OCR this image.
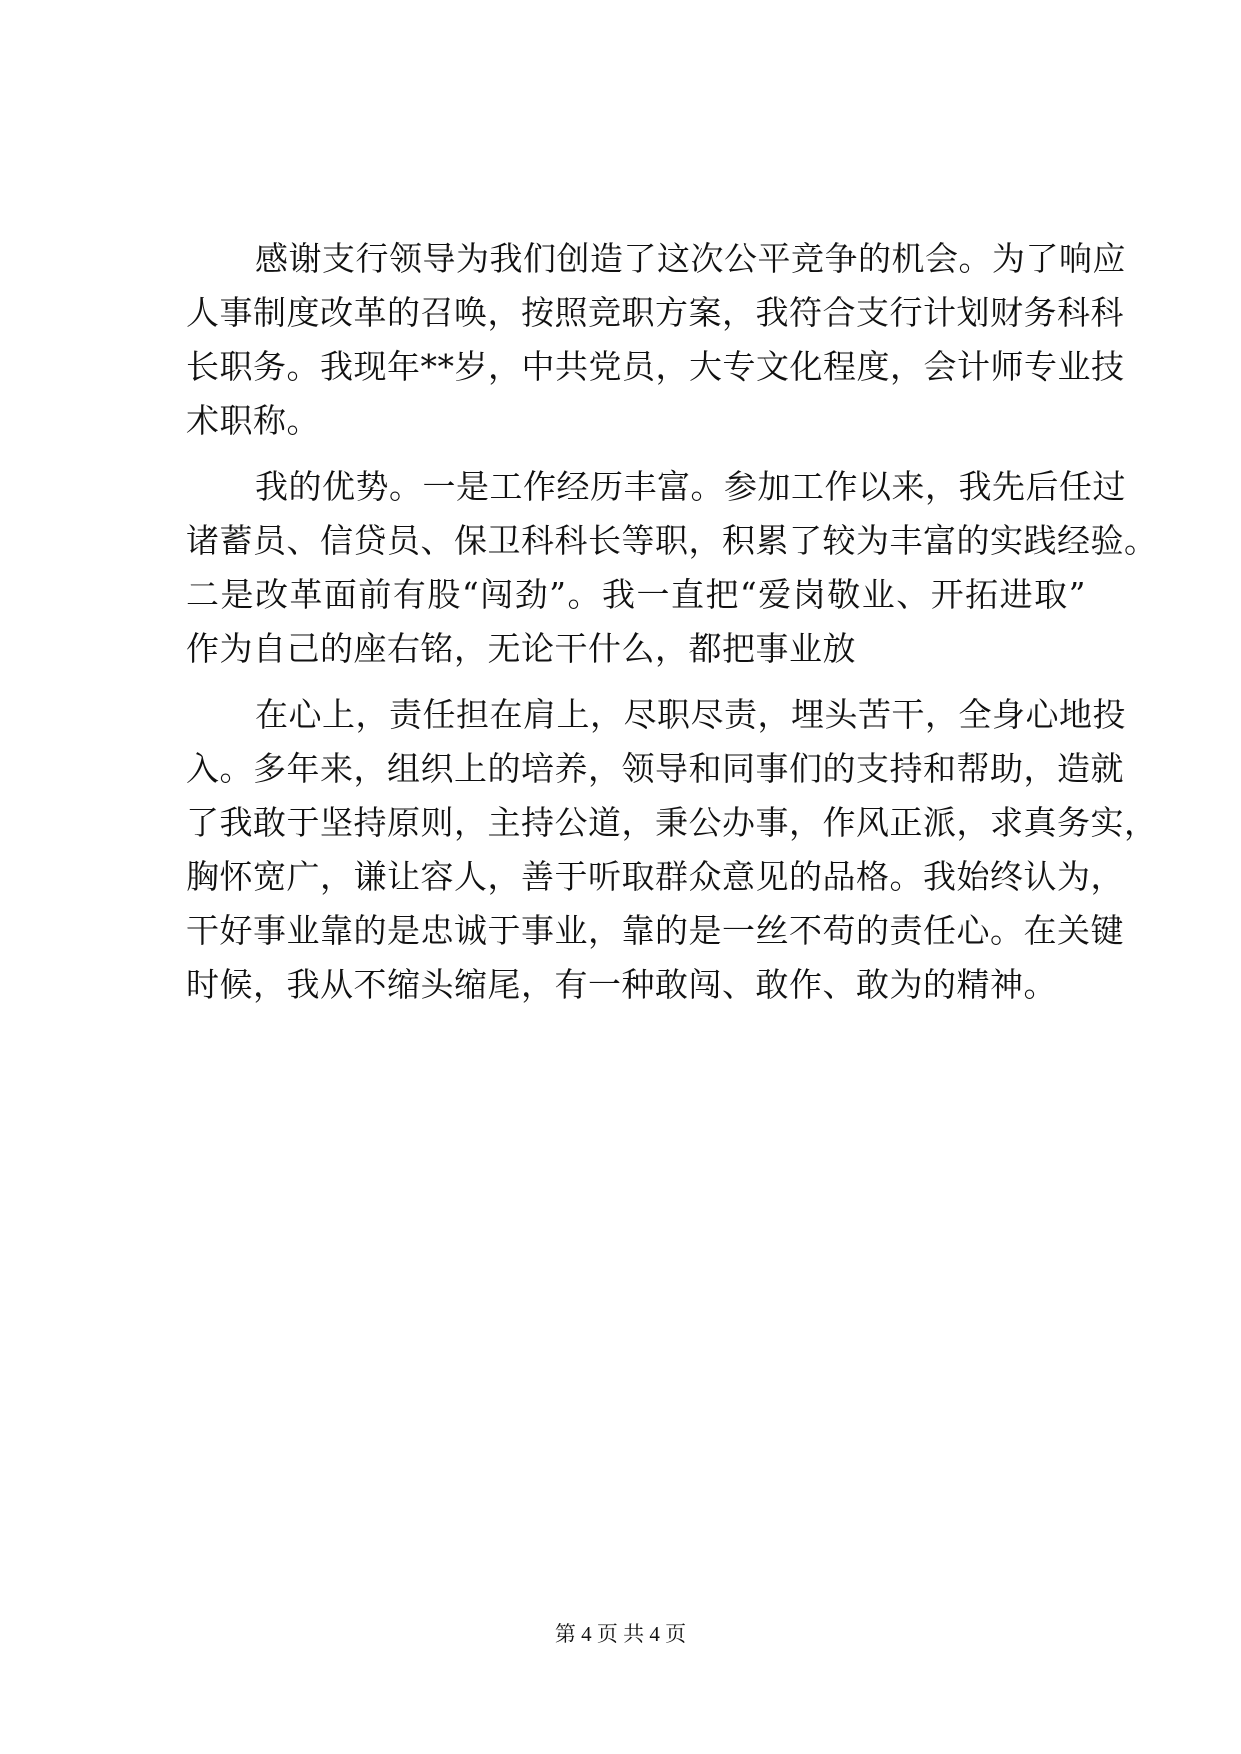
感谢支行领导为我们创造了这次公平竞争的机会。为了响应
人事制度改革的召唤，按照竞职方案，我符合支行计划财务科科
长职务。我现年**岁，中共党员，大专文化程度，会计师专业技
术职称。
我的优势。一是工作经历丰富。参加工作以来，我先后任过
诸蓄员、信贷员、保卫科科长等职，积累了较为丰富的实践经验。
二是改革面前有股“闯劲”。我一直把“爱岗敬业、开拓进取”
作为自己的座右铭，无论干什么，都把事业放
在心上，责任担在肩上，尽职尽责，埋头苦干，全身心地投
入。多年来，组织上的培养，领导和同事们的支持和帮助，造就
了我敢于坚持原则，主持公道，秉公办事，作风正派，求真务实，
胸怀宽广，谦让容人，善于听取群众意见的品格。我始终认为，
干好事业靠的是忠诚于事业，靠的是一丝不苟的责任心。在关键
时候，我从不缩头缩尾，有一种敢闯、敢作、敢为的精神。
第 4 页 共 4 页
